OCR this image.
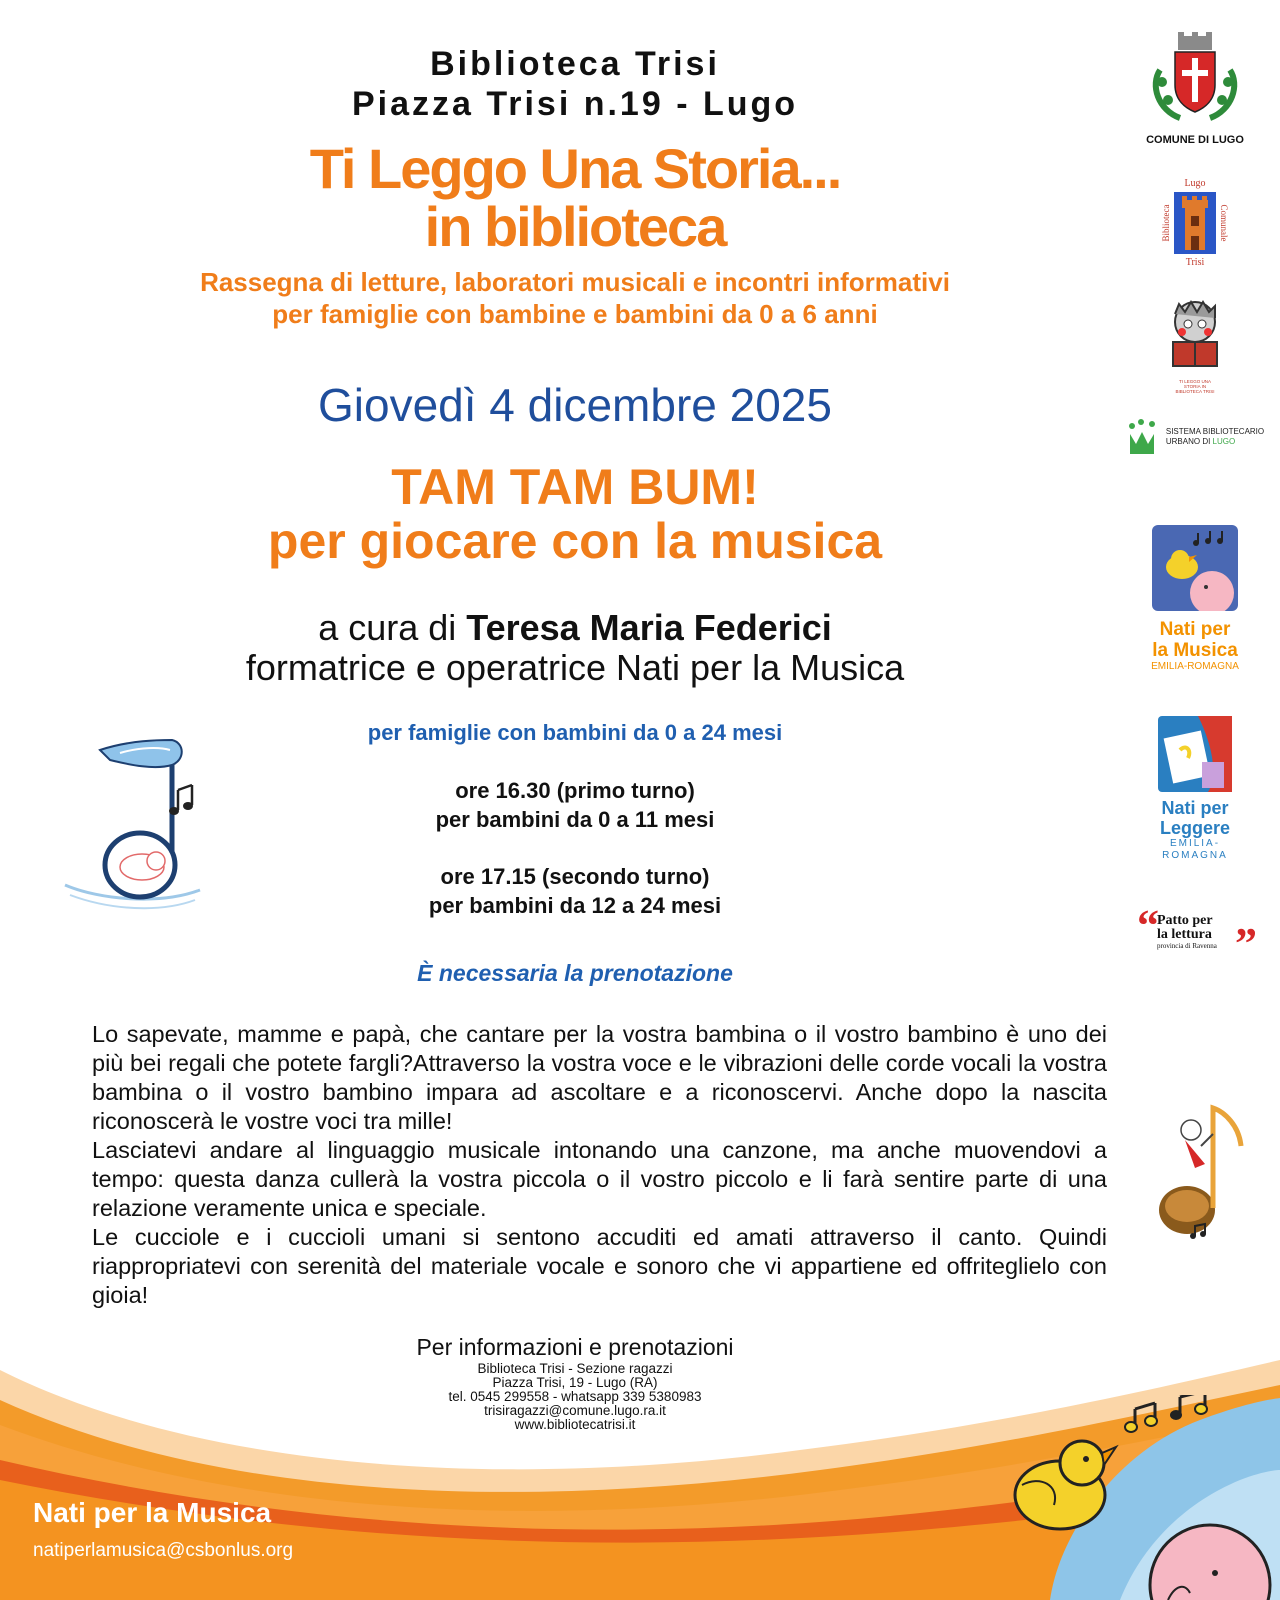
Biblioteca Trisi
Piazza Trisi n.19 - Lugo
Ti Leggo Una Storia...
in biblioteca
Rassegna di letture, laboratori musicali e incontri informativi
per famiglie con bambine e bambini da 0 a 6 anni
Giovedì 4 dicembre 2025
TAM TAM BUM!
per giocare con la musica
a cura di Teresa Maria Federici
formatrice e operatrice Nati per la Musica
per famiglie con bambini da 0 a 24 mesi
ore 16.30 (primo turno)
per bambini da 0 a 11 mesi
ore 17.15 (secondo turno)
per bambini da 12 a 24 mesi
È necessaria la prenotazione

Lo sapevate, mamme e papà, che cantare per la vostra bambina o il vostro bambino è uno dei più bei regali che potete fargli?Attraverso la vostra voce e le vibrazioni delle corde vocali la vostra bambina o il vostro bambino impara ad ascoltare e a riconoscervi. Anche dopo la nascita riconoscerà le vostre voci tra mille!

Lasciatevi andare al linguaggio musicale intonando una canzone, ma anche muovendovi a tempo: questa danza cullerà la vostra piccola o il vostro piccolo e li farà sentire parte di una relazione veramente unica e speciale.

Le cucciole e i cuccioli umani si sentono accuditi ed amati attraverso il canto. Quindi riappropriatevi con serenità del materiale vocale e sonoro che vi appartiene ed offriteglielo con gioia!

Per informazioni e prenotazioni
Biblioteca Trisi - Sezione ragazzi
Piazza Trisi, 19 - Lugo (RA)
tel. 0545 299558 - whatsapp 339 5380983
trisiragazzi@comune.lugo.ra.it
www.bibliotecatrisi.it
COMUNE DI LUGO
Lugo
Biblioteca	Comunale
Trisi
TI LEGGO UNA STORIA IN BIBLIOTECA TRISI
SISTEMA BIBLIOTECARIO
URBANO DI LUGO
Nati per
la Musica
EMILIA-ROMAGNA
Nati per
Leggere
EMILIA-
ROMAGNA
“
Patto per
la lettura
provincia di Ravenna ”
Nati per la Musica
natiperlamusica@csbonlus.org
